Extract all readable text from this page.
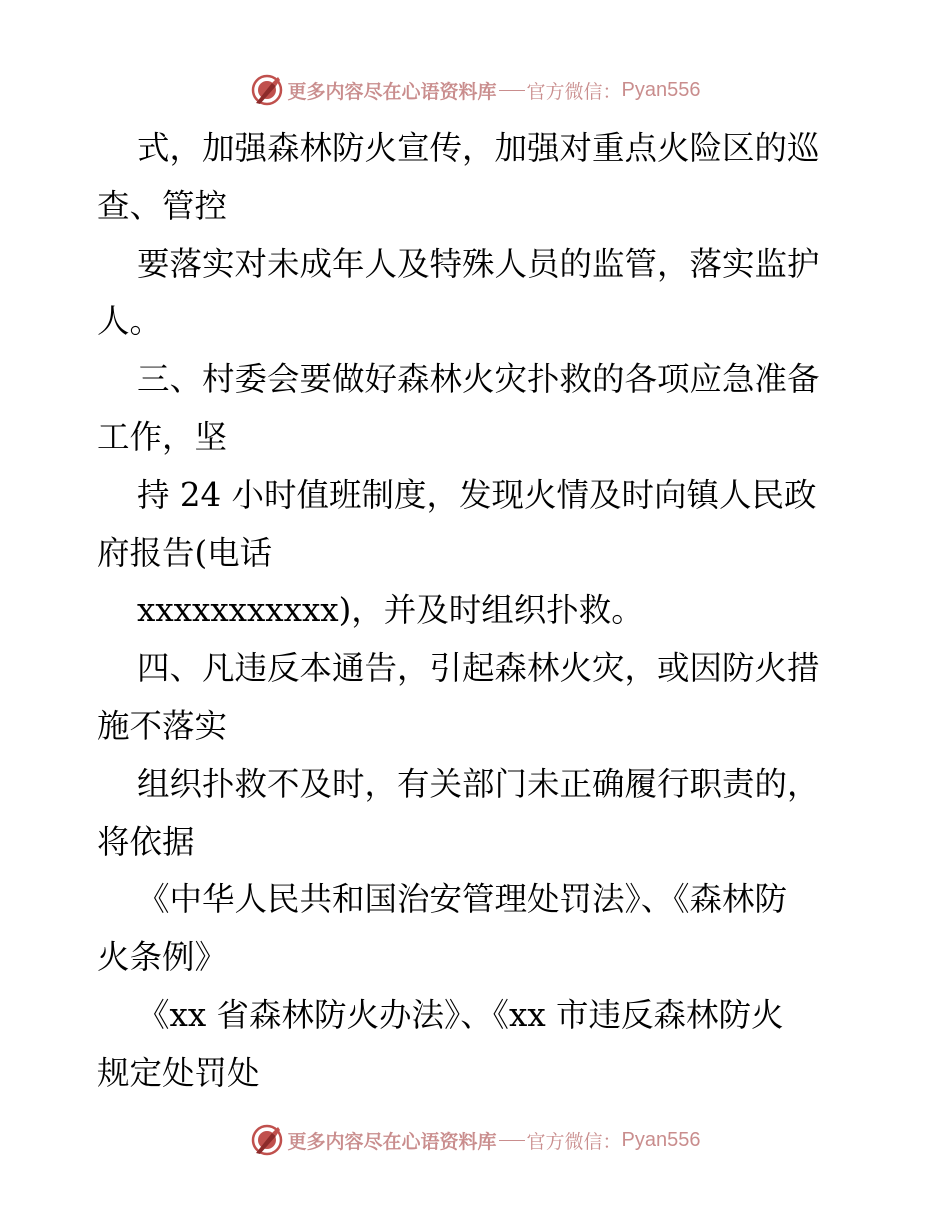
更多内容尽在心语资料库 官方微信： Pyan556
式，加强森林防火宣传，加强对重点火险区的巡
查、管控
要落实对未成年人及特殊人员的监管，落实监护
人。
三、村委会要做好森林火灾扑救的各项应急准备
工作，坚
持 24 小时值班制度，发现火情及时向镇人民政
府报告(电话
xxxxxxxxxxx)，并及时组织扑救。
四、凡违反本通告，引起森林火灾，或因防火措
施不落实
组织扑救不及时，有关部门未正确履行职责的，
将依据
《中华人民共和国治安管理处罚法》、《森林防
火条例》
《xx 省森林防火办法》、《xx 市违反森林防火
规定处罚处
更多内容尽在心语资料库 官方微信： Pyan556
